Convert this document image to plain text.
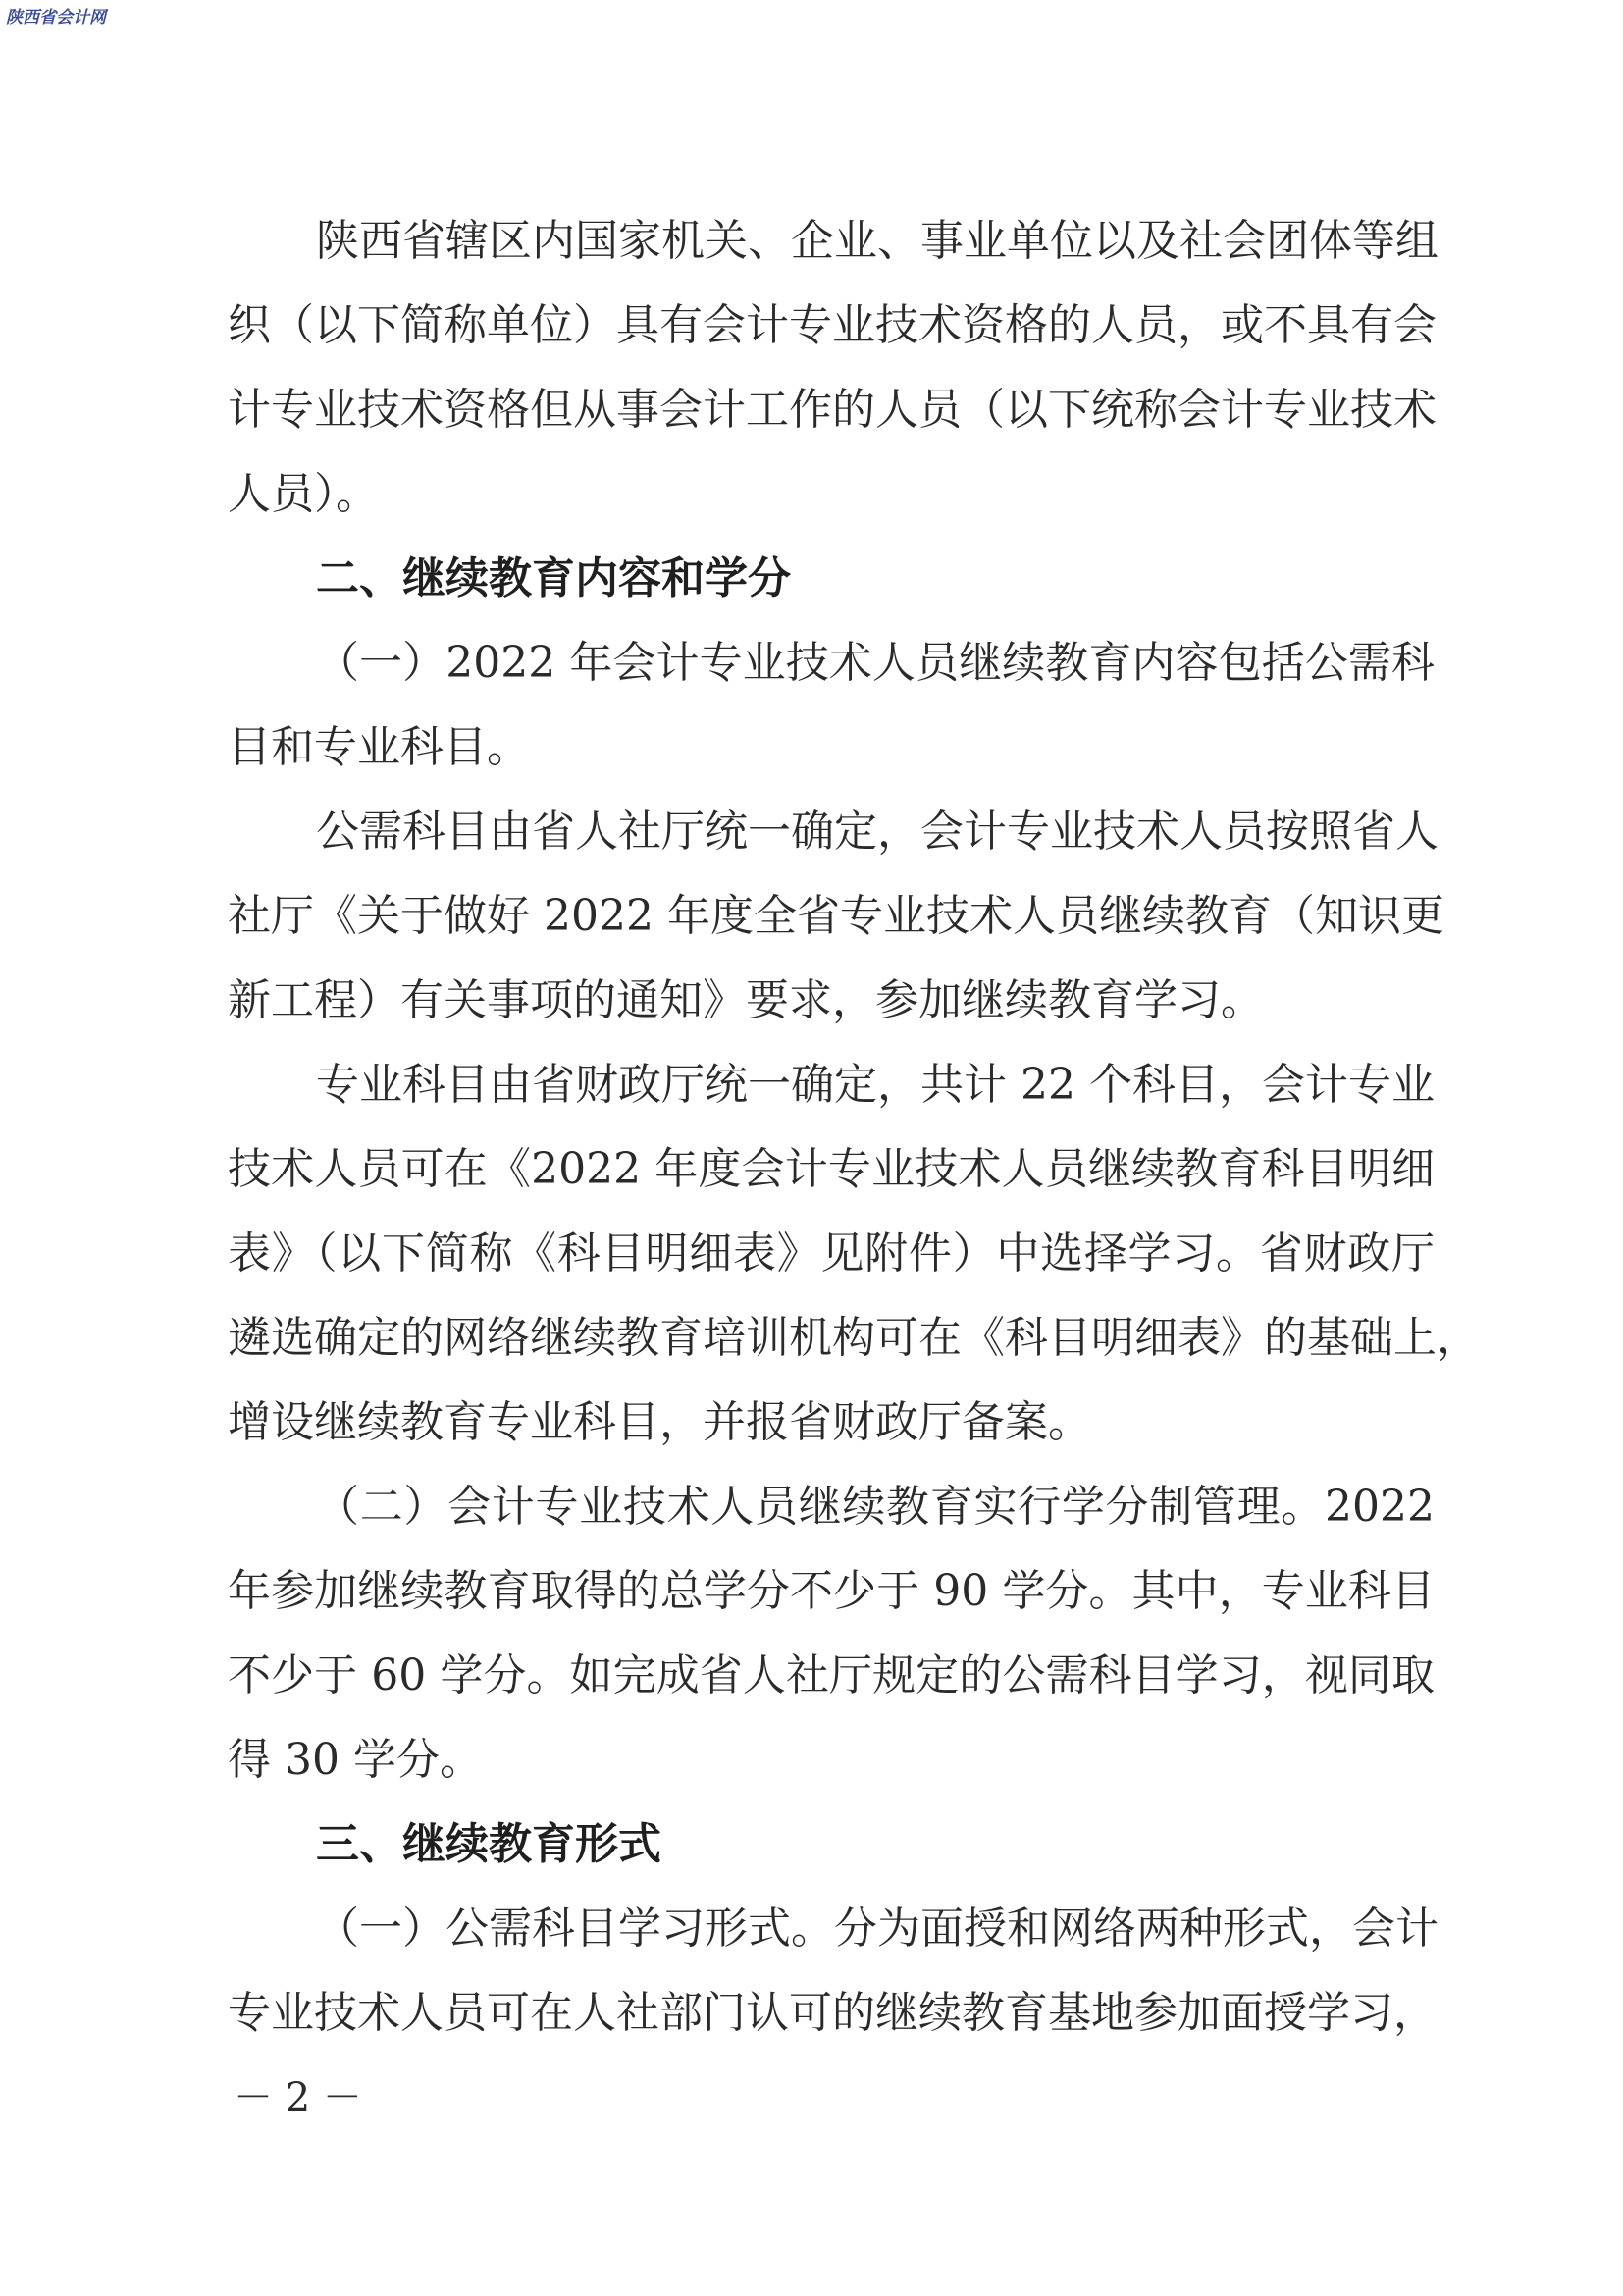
陕西省会计网
陕西省辖区内国家机关、企业、事业单位以及社会团体等组
织（以下简称单位）具有会计专业技术资格的人员，或不具有会
计专业技术资格但从事会计工作的人员（以下统称会计专业技术
人员）。
二、继续教育内容和学分
（一）2022 年会计专业技术人员继续教育内容包括公需科
目和专业科目。
公需科目由省人社厅统一确定，会计专业技术人员按照省人
社厅《关于做好 2022 年度全省专业技术人员继续教育（知识更
新工程）有关事项的通知》要求，参加继续教育学习。
专业科目由省财政厅统一确定，共计 22 个科目，会计专业
技术人员可在《2022 年度会计专业技术人员继续教育科目明细
表》（以下简称《科目明细表》见附件）中选择学习。省财政厅
遴选确定的网络继续教育培训机构可在《科目明细表》的基础上，
增设继续教育专业科目，并报省财政厅备案。
（二）会计专业技术人员继续教育实行学分制管理。2022
年参加继续教育取得的总学分不少于 90 学分。其中，专业科目
不少于 60 学分。如完成省人社厅规定的公需科目学习，视同取
得 30 学分。
三、继续教育形式
（一）公需科目学习形式。分为面授和网络两种形式，会计
专业技术人员可在人社部门认可的继续教育基地参加面授学习，
－ 2 －
